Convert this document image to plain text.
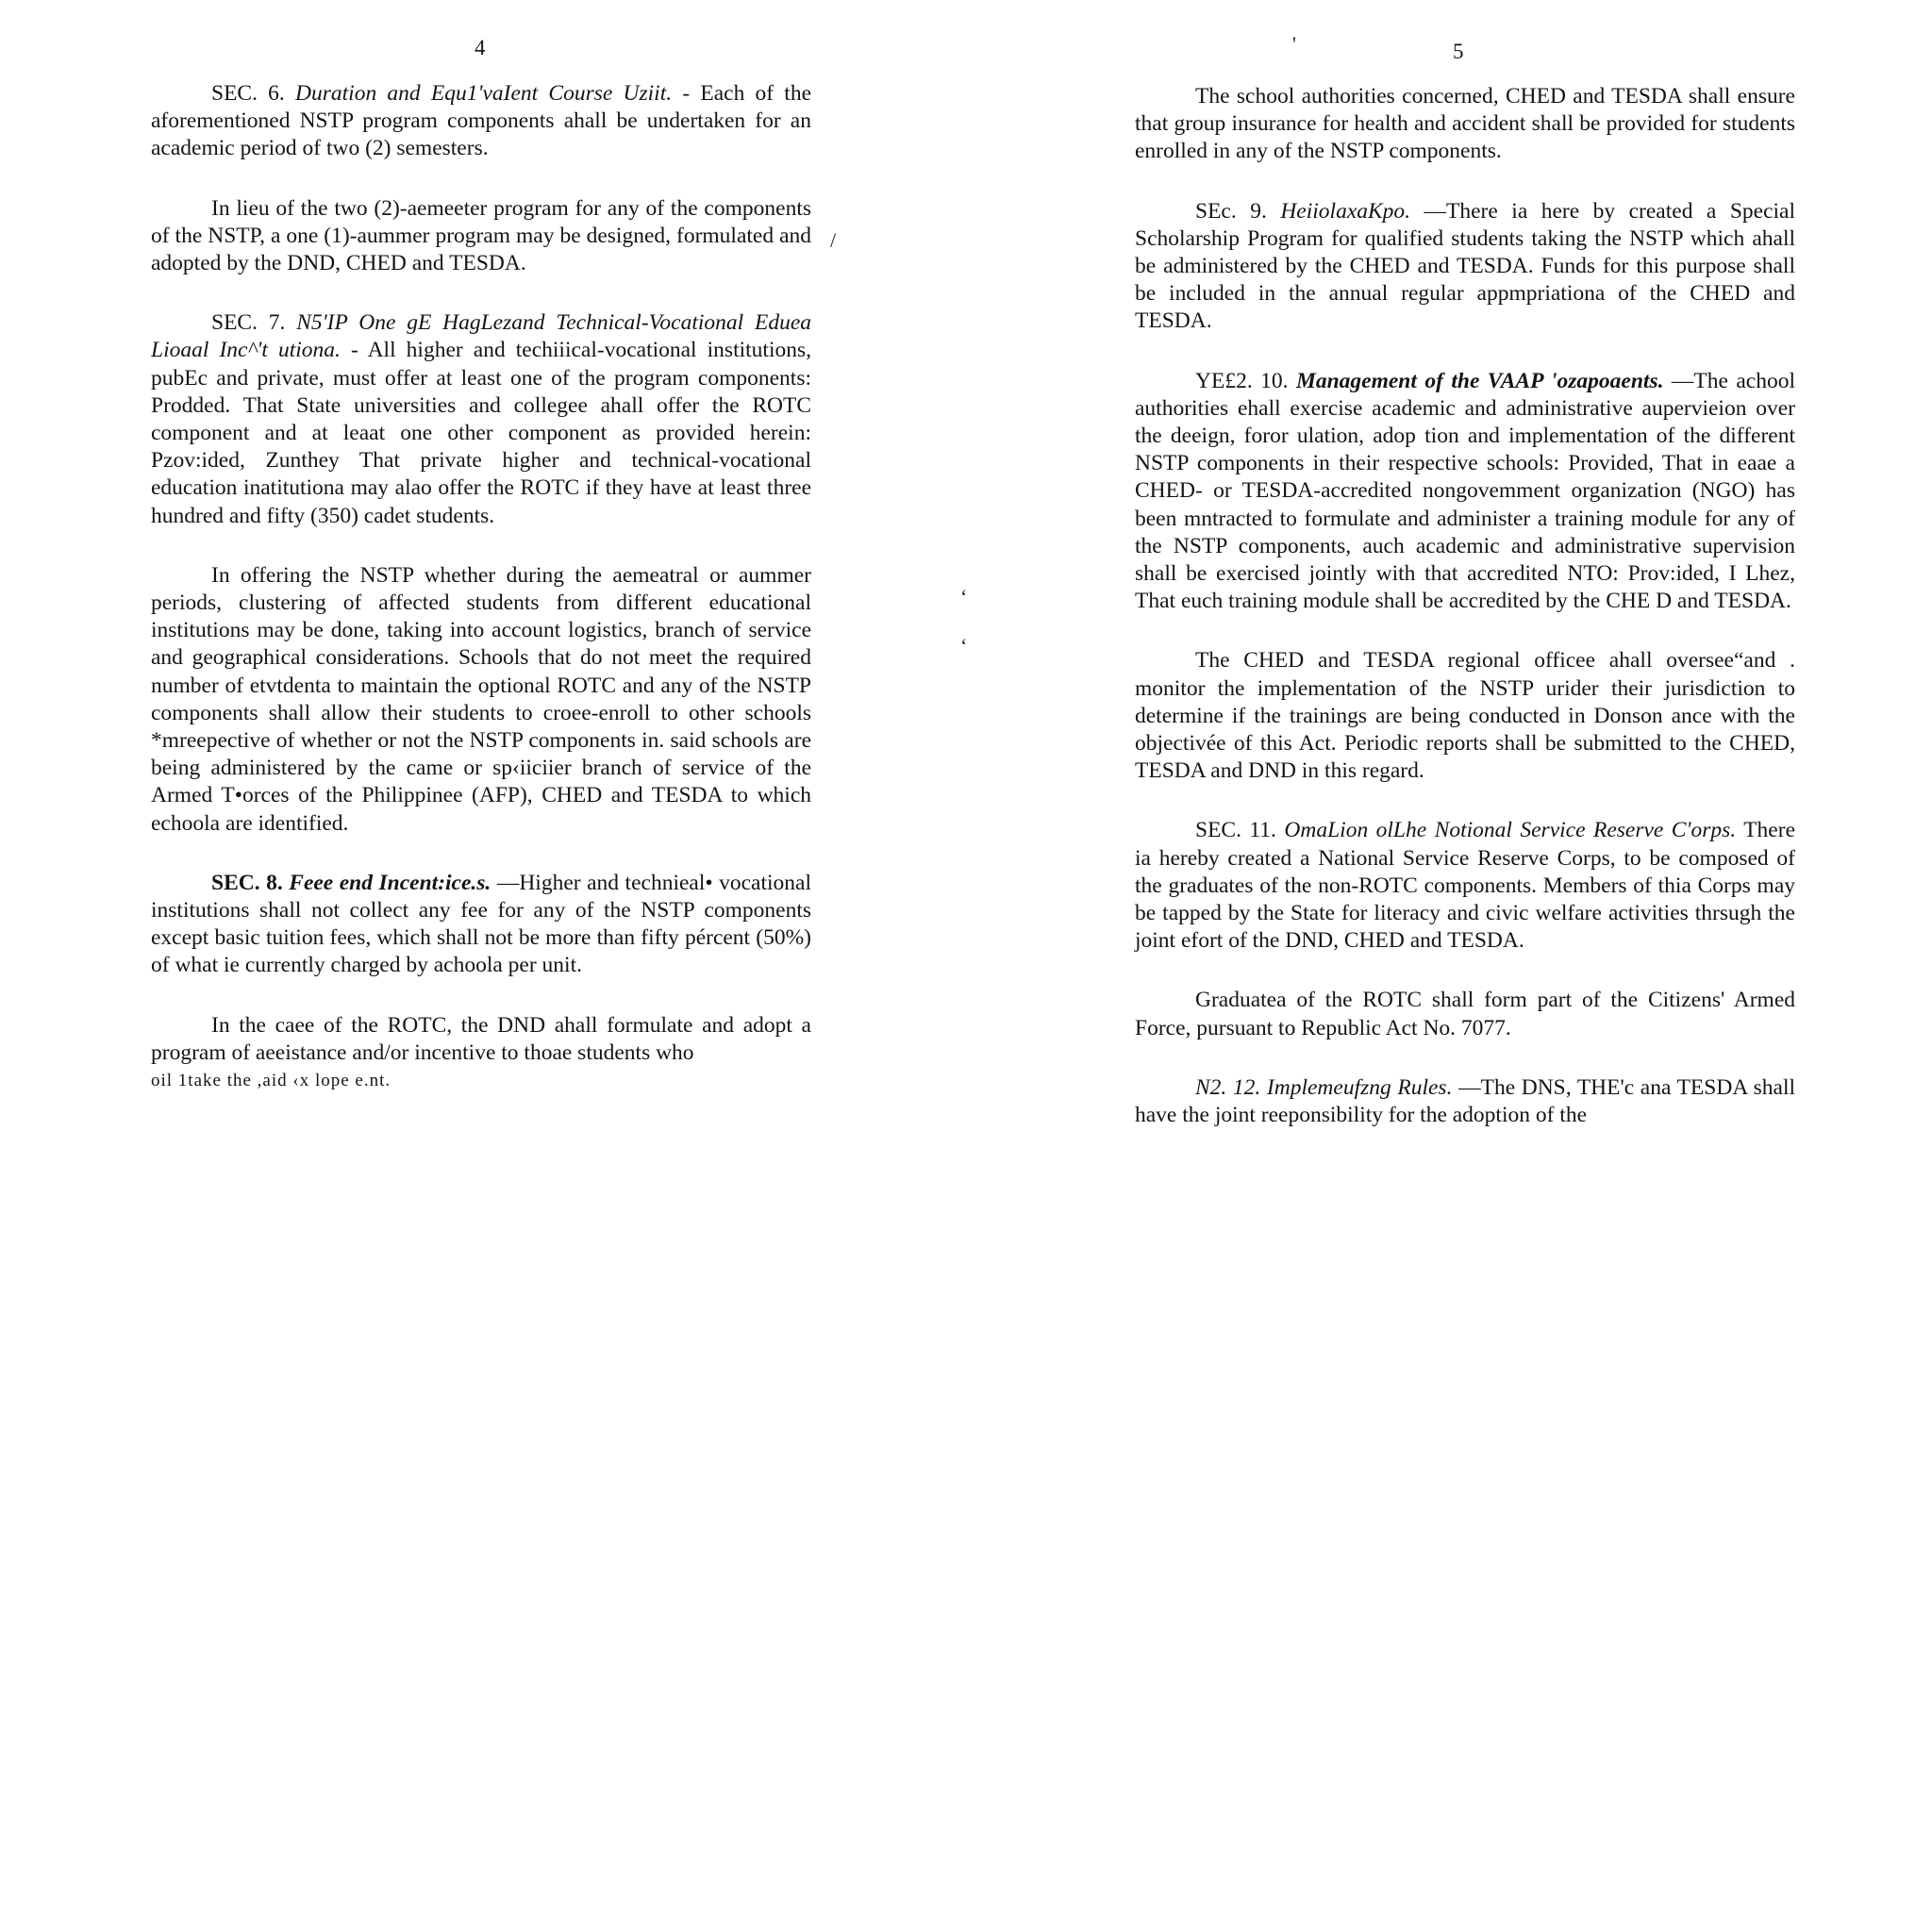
4	5
'

SEC. 6. Duration and Equ1'vaIent Course Uziit. - Each of the aforementioned NSTP program components ahall be undertaken for an academic period of two (2) semesters.

In lieu of the two (2)-aemeeter program for any of the components of the NSTP, a one (1)-aummer program may be designed, formulated and adopted by the DND, CHED and TESDA.

SEC. 7. N5'IP One gE HagLezand Technical-Vocational Eduea Lioaal Inc^'t utiona. - All higher and techiiical-vocational institutions, pubEc and private, must offer at least one of the program components: Prodded. That State universities and collegee ahall offer the ROTC component and at leaat one other component as provided herein: Pzov:ided, Zunthey That private higher and technical-vocational education inatitutiona may alao offer the ROTC if they have at least three hundred and fifty (350) cadet students.

In offering the NSTP whether during the aemeatral or aummer periods, clustering of affected students from different educational institutions may be done, taking into account logistics, branch of service and geographical considerations. Schools that do not meet the required number of etvtdenta to maintain the optional ROTC and any of the NSTP components shall allow their students to croee-enroll to other schools *mreepective of whether or not the NSTP components in. said schools are being administered by the came or sp‹iiciier branch of service of the Armed T•orces of the Philippinee (AFP), CHED and TESDA to which echoola are identified.

SEC. 8. Feee end Incent:ice.s. —Higher and technieal• vocational institutions shall not collect any fee for any of the NSTP components except basic tuition fees, which shall not be more than fifty pércent (50%) of what ie currently charged by achoola per unit.

In the caee of the ROTC, the DND ahall formulate and adopt a program of aeeistance and/or incentive to thoae students who

oil 1take the ,aid ‹x lope e.nt.

/
‘
‘

The school authorities concerned, CHED and TESDA shall ensure that group insurance for health and accident shall be provided for students enrolled in any of the NSTP components.

SEc. 9. HeiiolaxaKpo. —There ia here by created a Special Scholarship Program for qualified students taking the NSTP which ahall be administered by the CHED and TESDA. Funds for this purpose shall be included in the annual regular appmpriationa of the CHED and TESDA.

YE£2. 10. Management of the VAAP 'ozapoaents. —The achool authorities ehall exercise academic and administrative aupervieion over the deeign, foror ulation, adop tion and implementation of the different NSTP components in their respective schools: Provided, That in eaae a CHED- or TESDA-accredited nongovemment organization (NGO) has been mntracted to formulate and administer a training module for any of the NSTP components, auch academic and administrative supervision shall be exercised jointly with that accredited NTO: Prov:ided, I Lhez, That euch training module shall be accredited by the CHE D and TESDA.

The CHED and TESDA regional officee ahall oversee“and . monitor the implementation of the NSTP urider their jurisdiction to determine if the trainings are being conducted in Donson ance with the objectivée of this Act. Periodic reports shall be submitted to the CHED, TESDA and DND in this regard.

SEC. 11. OmaLion olLhe Notional Service Reserve C'orps. There ia hereby created a National Service Reserve Corps, to be composed of the graduates of the non-ROTC components. Members of thia Corps may be tapped by the State for literacy and civic welfare activities thrsugh the joint efort of the DND, CHED and TESDA.

Graduatea of the ROTC shall form part of the Citizens' Armed Force, pursuant to Republic Act No. 7077.

N2. 12. Implemeufzng Rules. —The DNS, THE'c ana TESDA shall have the joint reeponsibility for the adoption of the
